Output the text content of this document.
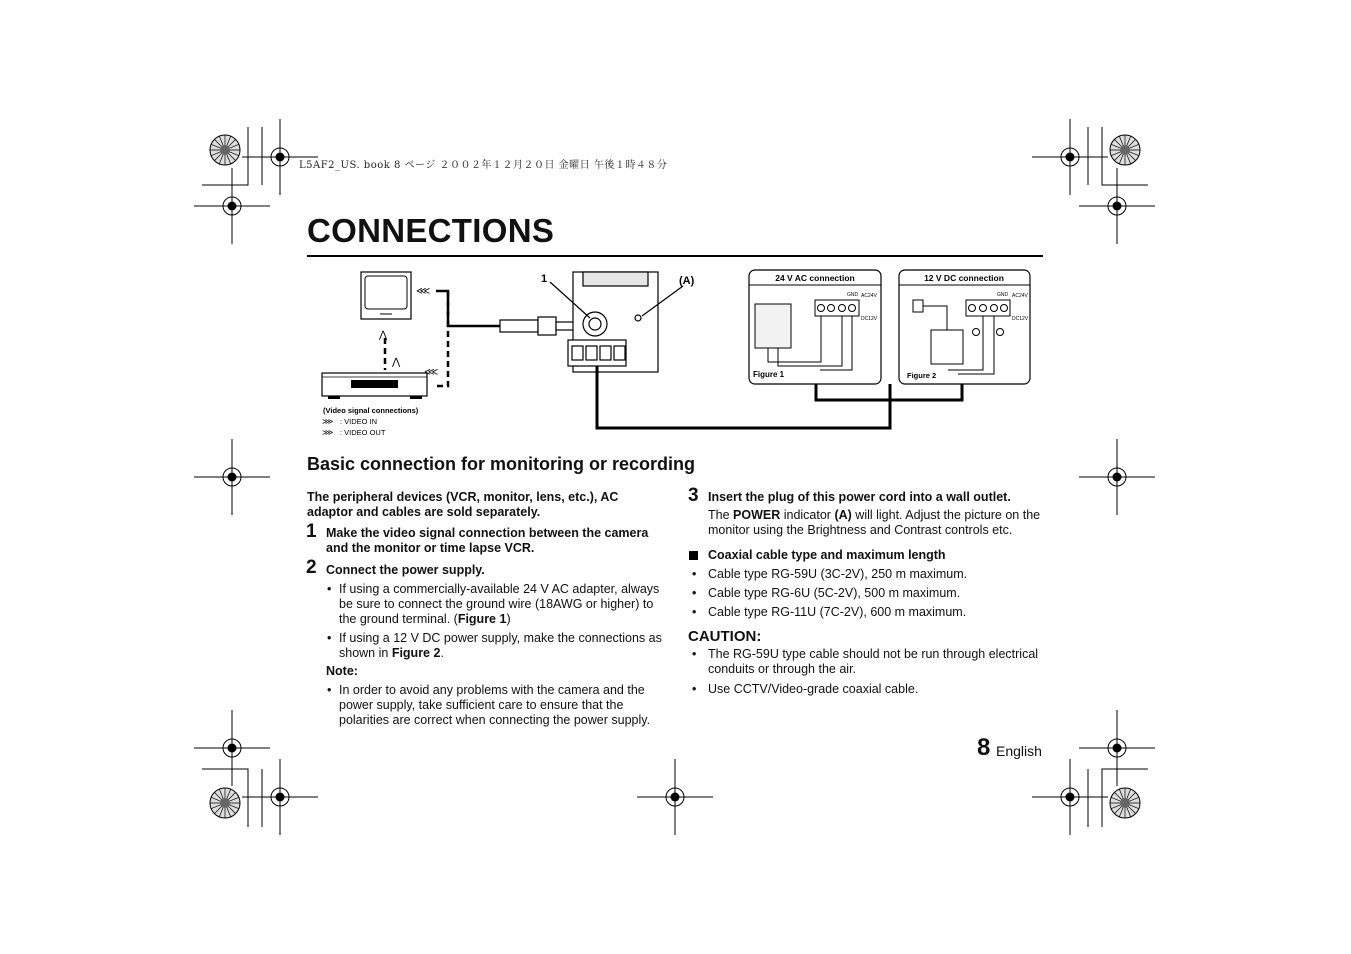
L5AF2_US. book 8 ページ ２００２年１２月２０日 金曜日 午後１時４８分
CONNECTIONS
⋘
⋘
⋀
⋀
1	(A)	24 V AC connection
GND AC24V
DC12V
Figure 1
12 V DC connection
GND AC24V
DC12V
Figure 2
(Video signal connections)
⋙ : VIDEO IN
⋙ : VIDEO OUT
Basic connection for monitoring or recording
The peripheral devices (VCR, monitor, lens, etc.), AC adaptor and cables are sold separately.
1 Make the video signal connection between the camera and the monitor or time lapse VCR.
2 Connect the power supply.
• If using a commercially-available 24 V AC adapter, always be sure to connect the ground wire (18AWG or higher) to the ground terminal. (Figure 1)
• If using a 12 V DC power supply, make the connections as shown in Figure 2.
Note:
• In order to avoid any problems with the camera and the power supply, take sufficient care to ensure that the polarities are correct when connecting the power supply.
3 Insert the plug of this power cord into a wall outlet.
The POWER indicator (A) will light. Adjust the picture on the monitor using the Brightness and Contrast controls etc.
Coaxial cable type and maximum length
• Cable type RG-59U (3C-2V), 250 m maximum.
• Cable type RG-6U (5C-2V), 500 m maximum.
• Cable type RG-11U (7C-2V), 600 m maximum.
CAUTION:
• The RG-59U type cable should not be run through electrical conduits or through the air.
• Use CCTV/Video-grade coaxial cable.
8 English
